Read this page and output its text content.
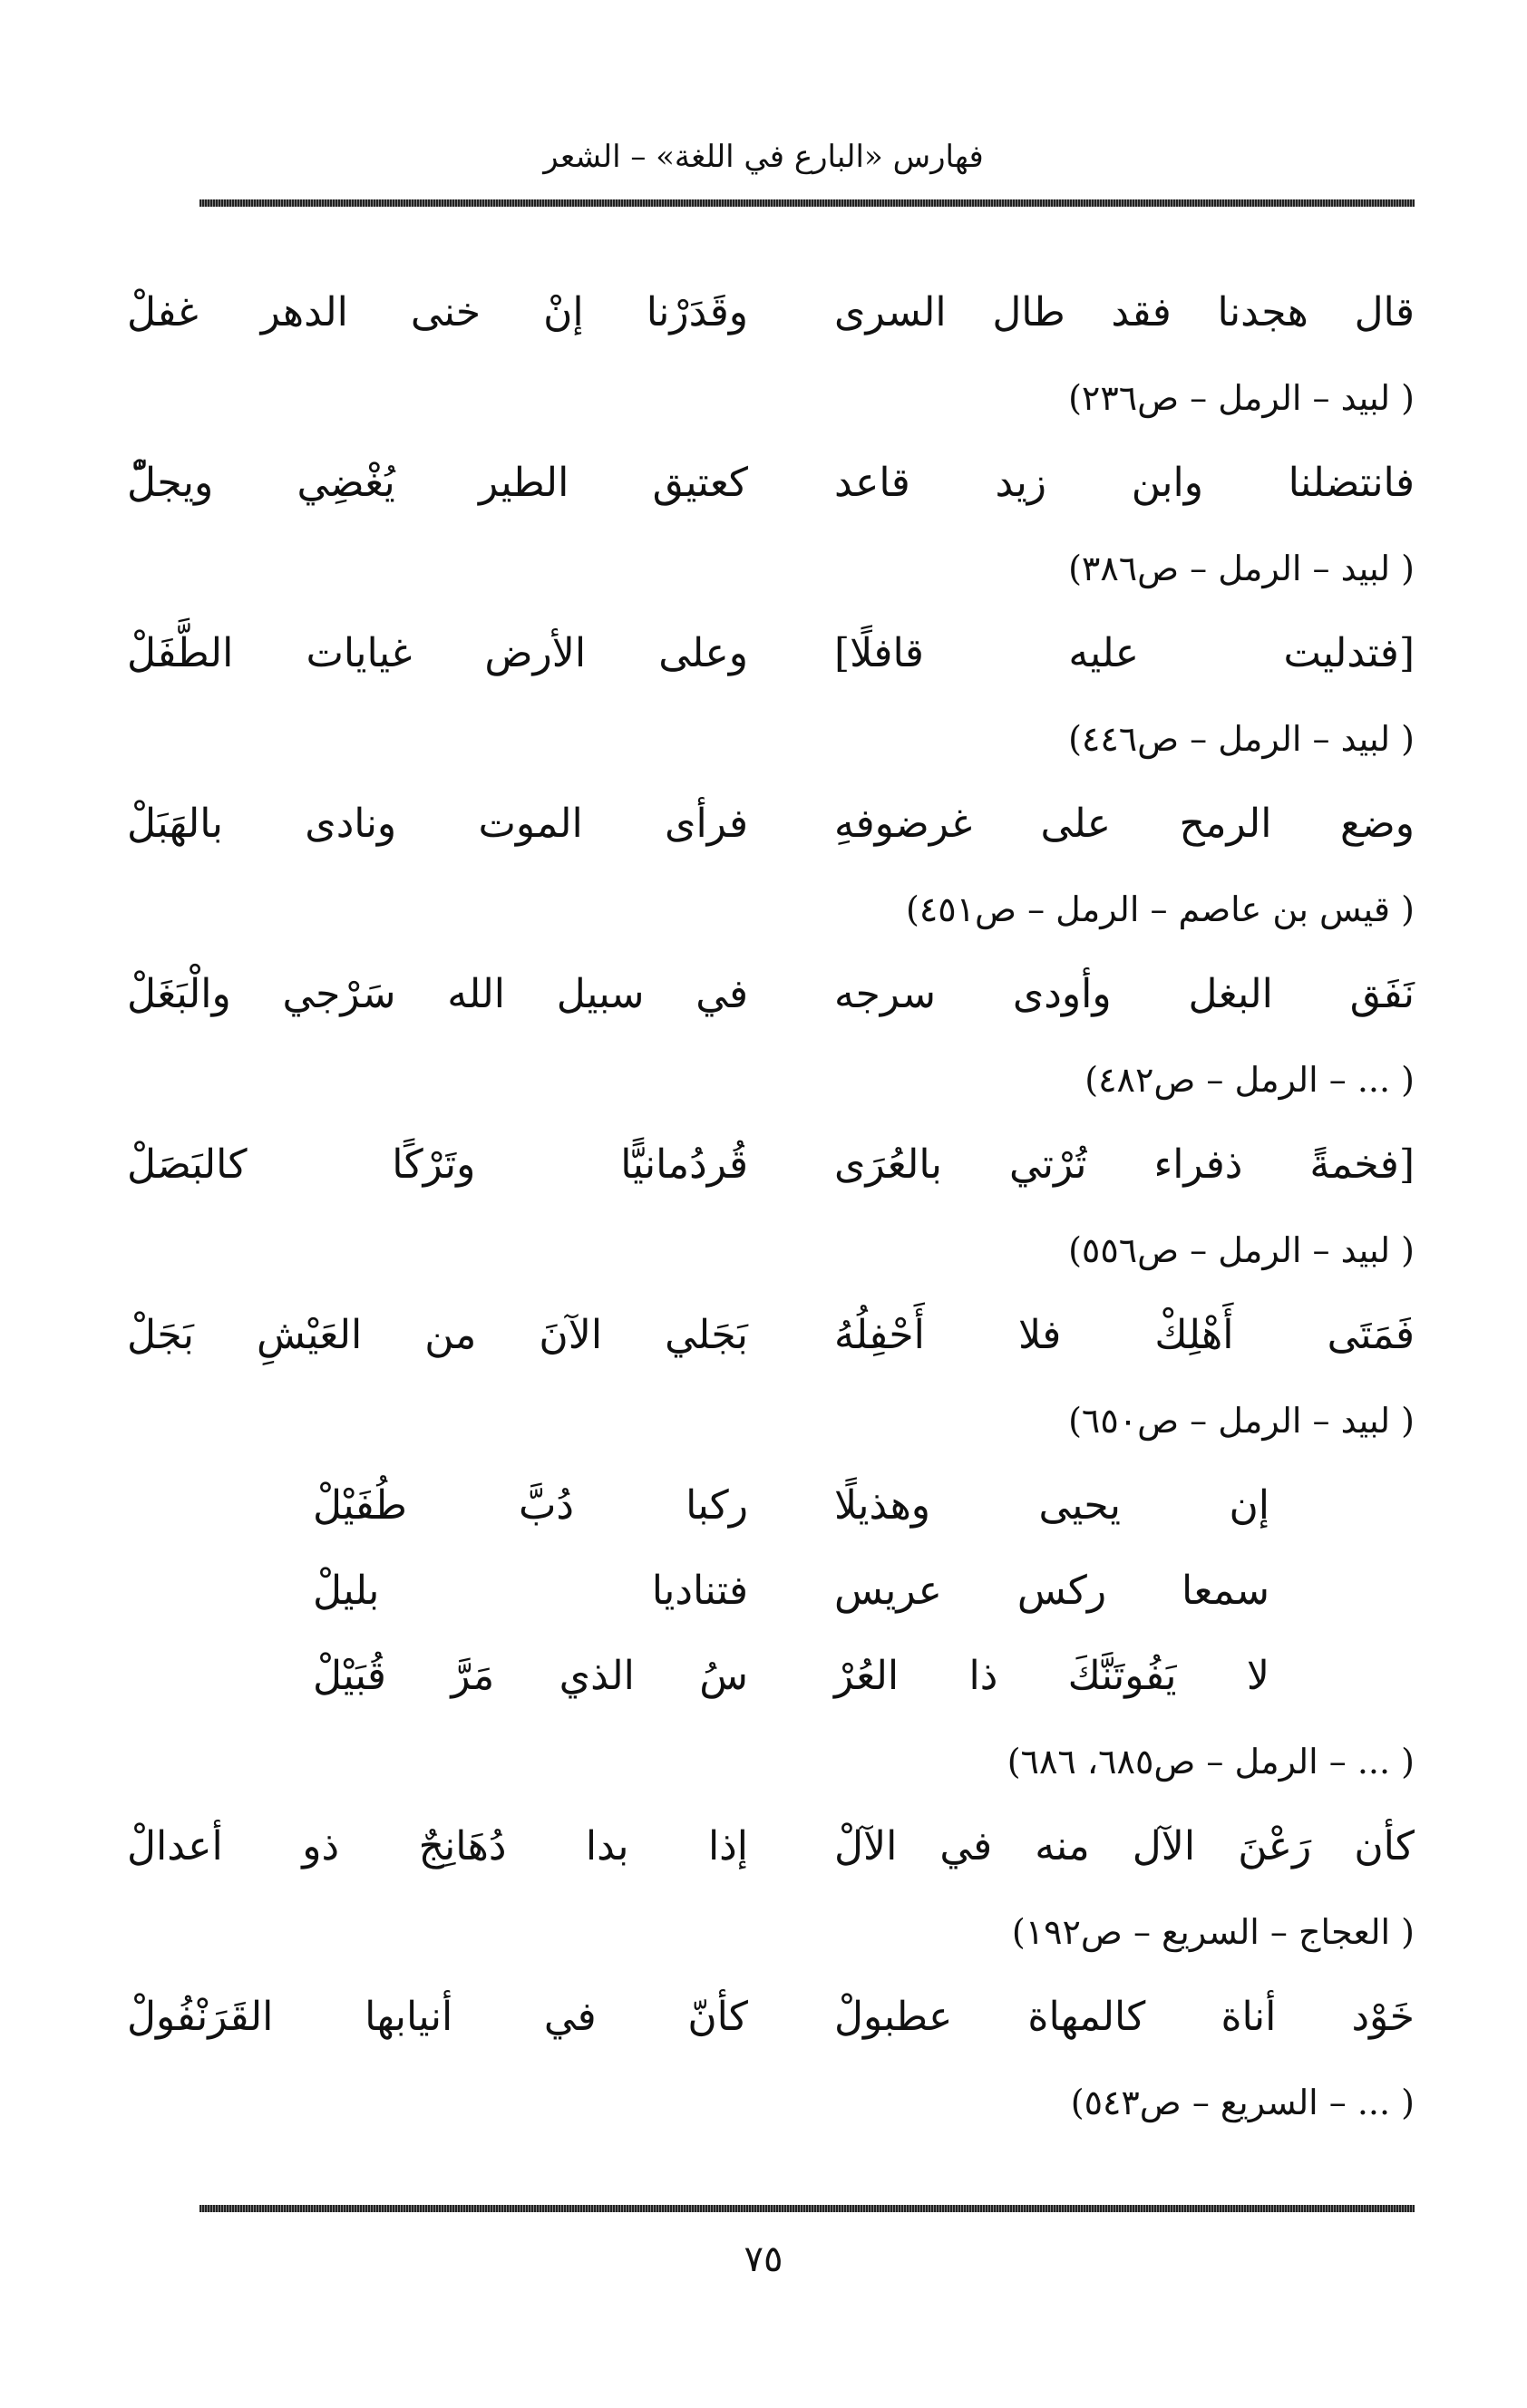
فهارس «البارع في اللغة» – الشعر
قال هجدنا فقد طال السرى
وقَدَرْنا إنْ خنى الدهر غفلْ
( لبيد – الرمل – ص٢٣٦)
فانتضلنا وابن زيد قاعد
كعتيق الطير يُغْضِي ويجلّْ
( لبيد – الرمل – ص٣٨٦)
[فتدليت عليه قافلًا]
وعلى الأرض غيايات الطَّفَلْ
( لبيد – الرمل – ص٤٤٦)
وضع الرمح على غرضوفهِ
فرأى الموت ونادى بالهَبَلْ
( قيس بن عاصم – الرمل – ص٤٥١)
نَفَق البغل وأودى سرجه
في سبيل الله سَرْجي والْبَغَلْ
( ... – الرمل – ص٤٨٢)
[فخمةً ذفراء تُرْتي بالعُرَى
قُردُمانيًّا وتَرْكًا كالبَصَلْ
( لبيد – الرمل – ص٥٥٦)
فَمَتَى أَهْلِكْ فلا أَحْفِلُهُ
بَجَلي الآنَ من العَيْشِ بَجَلْ
( لبيد – الرمل – ص٦٥٠)
إن يحيى وهذيلًا
ركبا دُبَّ طُفَيْلْ
سمعا ركس عريس
فتناديا بليلْ
لا يَفُوتَنَّكَ ذا العُرْ
سُ الذي مَرَّ قُبَيْلْ
( ... – الرمل – ص٦٨٥، ٦٨٦)
كأن رَعْنَ الآل منه في الآلْ
إذا بدا دُهَانِجٌ ذو أعدالْ
( العجاج – السريع – ص١٩٢)
خَوْد أناة كالمهاة عطبولْ
كأنّ في أنيابها القَرَنْفُولْ
( ... – السريع – ص٥٤٣)
٧٥
